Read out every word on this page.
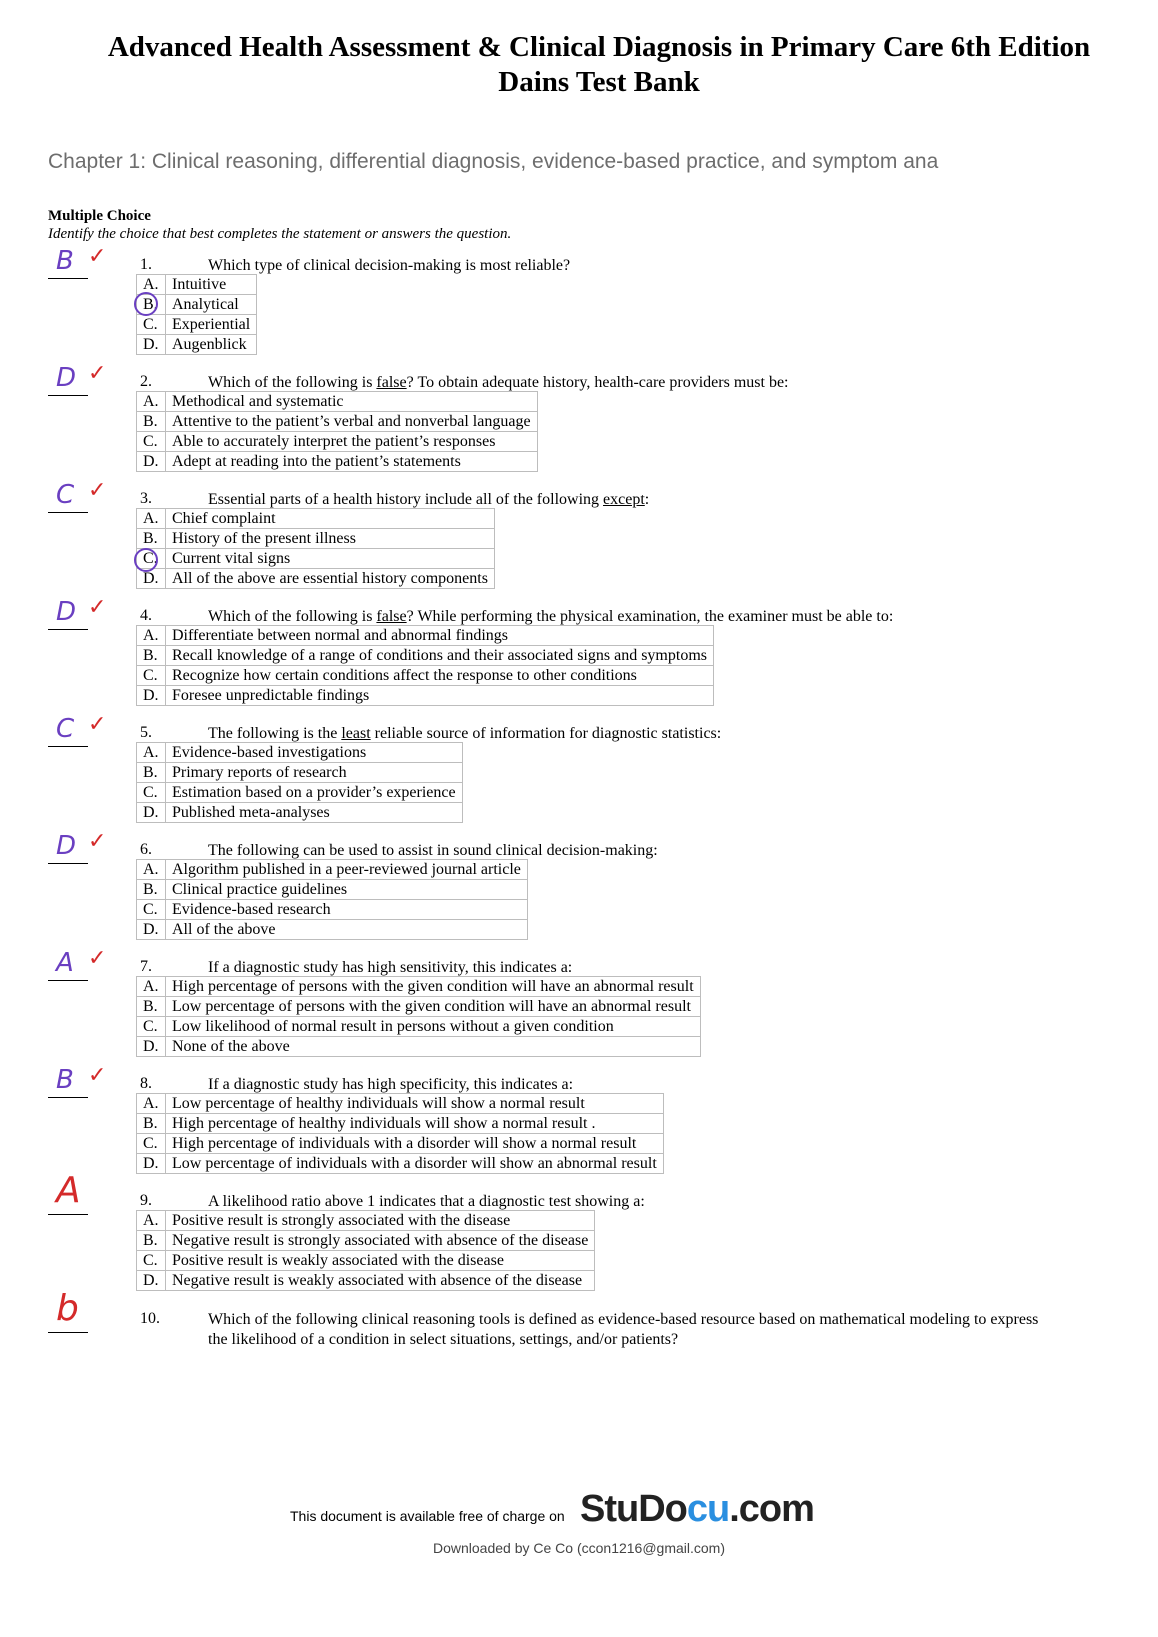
Advanced Health Assessment & Clinical Diagnosis in Primary Care 6th Edition
Dains Test Bank
Chapter 1: Clinical reasoning, differential diagnosis, evidence-based practice, and symptom ana
Multiple Choice
Identify the choice that best completes the statement or answers the question.
B ✓ 1.	Which type of clinical decision-making is most reliable?
A.	Intuitive
B.	Analytical
C.	Experiential
D.	Augenblick
D ✓ 2.	Which of the following is false? To obtain adequate history, health-care providers must be:
A.	Methodical and systematic
B.	Attentive to the patient’s verbal and nonverbal language
C.	Able to accurately interpret the patient’s responses
D.	Adept at reading into the patient’s statements
C ✓ 3.	Essential parts of a health history include all of the following except:
A.	Chief complaint
B.	History of the present illness
C.	Current vital signs
D.	All of the above are essential history components
D ✓ 4.	Which of the following is false? While performing the physical examination, the examiner must be able to:
A.	Differentiate between normal and abnormal findings
B.	Recall knowledge of a range of conditions and their associated signs and symptoms
C.	Recognize how certain conditions affect the response to other conditions
D.	Foresee unpredictable findings
C ✓ 5.	The following is the least reliable source of information for diagnostic statistics:
A.	Evidence-based investigations
B.	Primary reports of research
C.	Estimation based on a provider’s experience
D.	Published meta-analyses
D ✓ 6.	The following can be used to assist in sound clinical decision-making:
A.	Algorithm published in a peer-reviewed journal article
B.	Clinical practice guidelines
C.	Evidence-based research
D.	All of the above
A ✓ 7.	If a diagnostic study has high sensitivity, this indicates a:
A.	High percentage of persons with the given condition will have an abnormal result
B.	Low percentage of persons with the given condition will have an abnormal result
C.	Low likelihood of normal result in persons without a given condition
D.	None of the above
B ✓ 8.	If a diagnostic study has high specificity, this indicates a:
A.	Low percentage of healthy individuals will show a normal result
B.	High percentage of healthy individuals will show a normal result .
C.	High percentage of individuals with a disorder will show a normal result
D.	Low percentage of individuals with a disorder will show an abnormal result
A	9.	A likelihood ratio above 1 indicates that a diagnostic test showing a:
A.	Positive result is strongly associated with the disease
B.	Negative result is strongly associated with absence of the disease
C.	Positive result is weakly associated with the disease
D.	Negative result is weakly associated with absence of the disease
b	10.	Which of the following clinical reasoning tools is defined as evidence-based resource based on mathematical modeling to express the likelihood of a condition in select situations, settings, and/or patients?
This document is available free of charge on StuDocu.com
Downloaded by Ce Co (ccon1216@gmail.com)
